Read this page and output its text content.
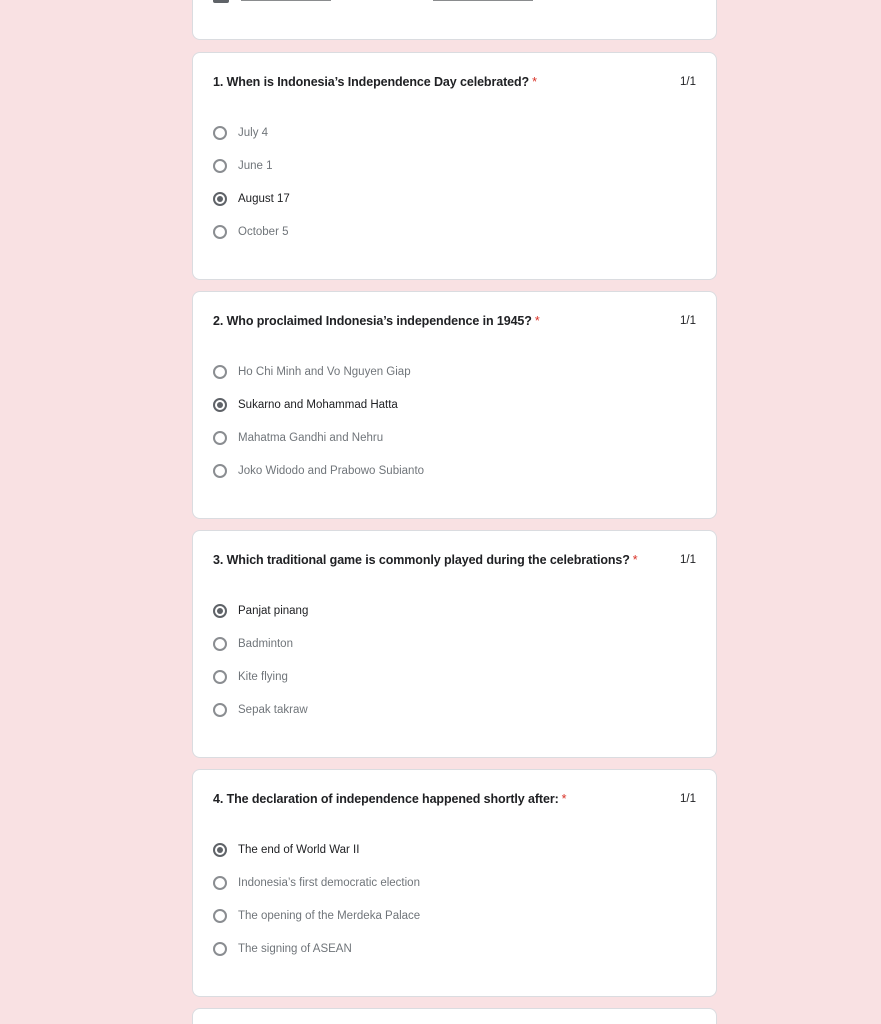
1. When is Indonesia’s Independence Day celebrated? *	1/1
July 4
June 1
August 17
October 5
2. Who proclaimed Indonesia’s independence in 1945? *	1/1
Ho Chi Minh and Vo Nguyen Giap
Sukarno and Mohammad Hatta
Mahatma Gandhi and Nehru
Joko Widodo and Prabowo Subianto
3. Which traditional game is commonly played during the celebrations? *	1/1
Panjat pinang
Badminton
Kite flying
Sepak takraw
4. The declaration of independence happened shortly after: *	1/1
The end of World War II
Indonesia’s first democratic election
The opening of the Merdeka Palace
The signing of ASEAN
